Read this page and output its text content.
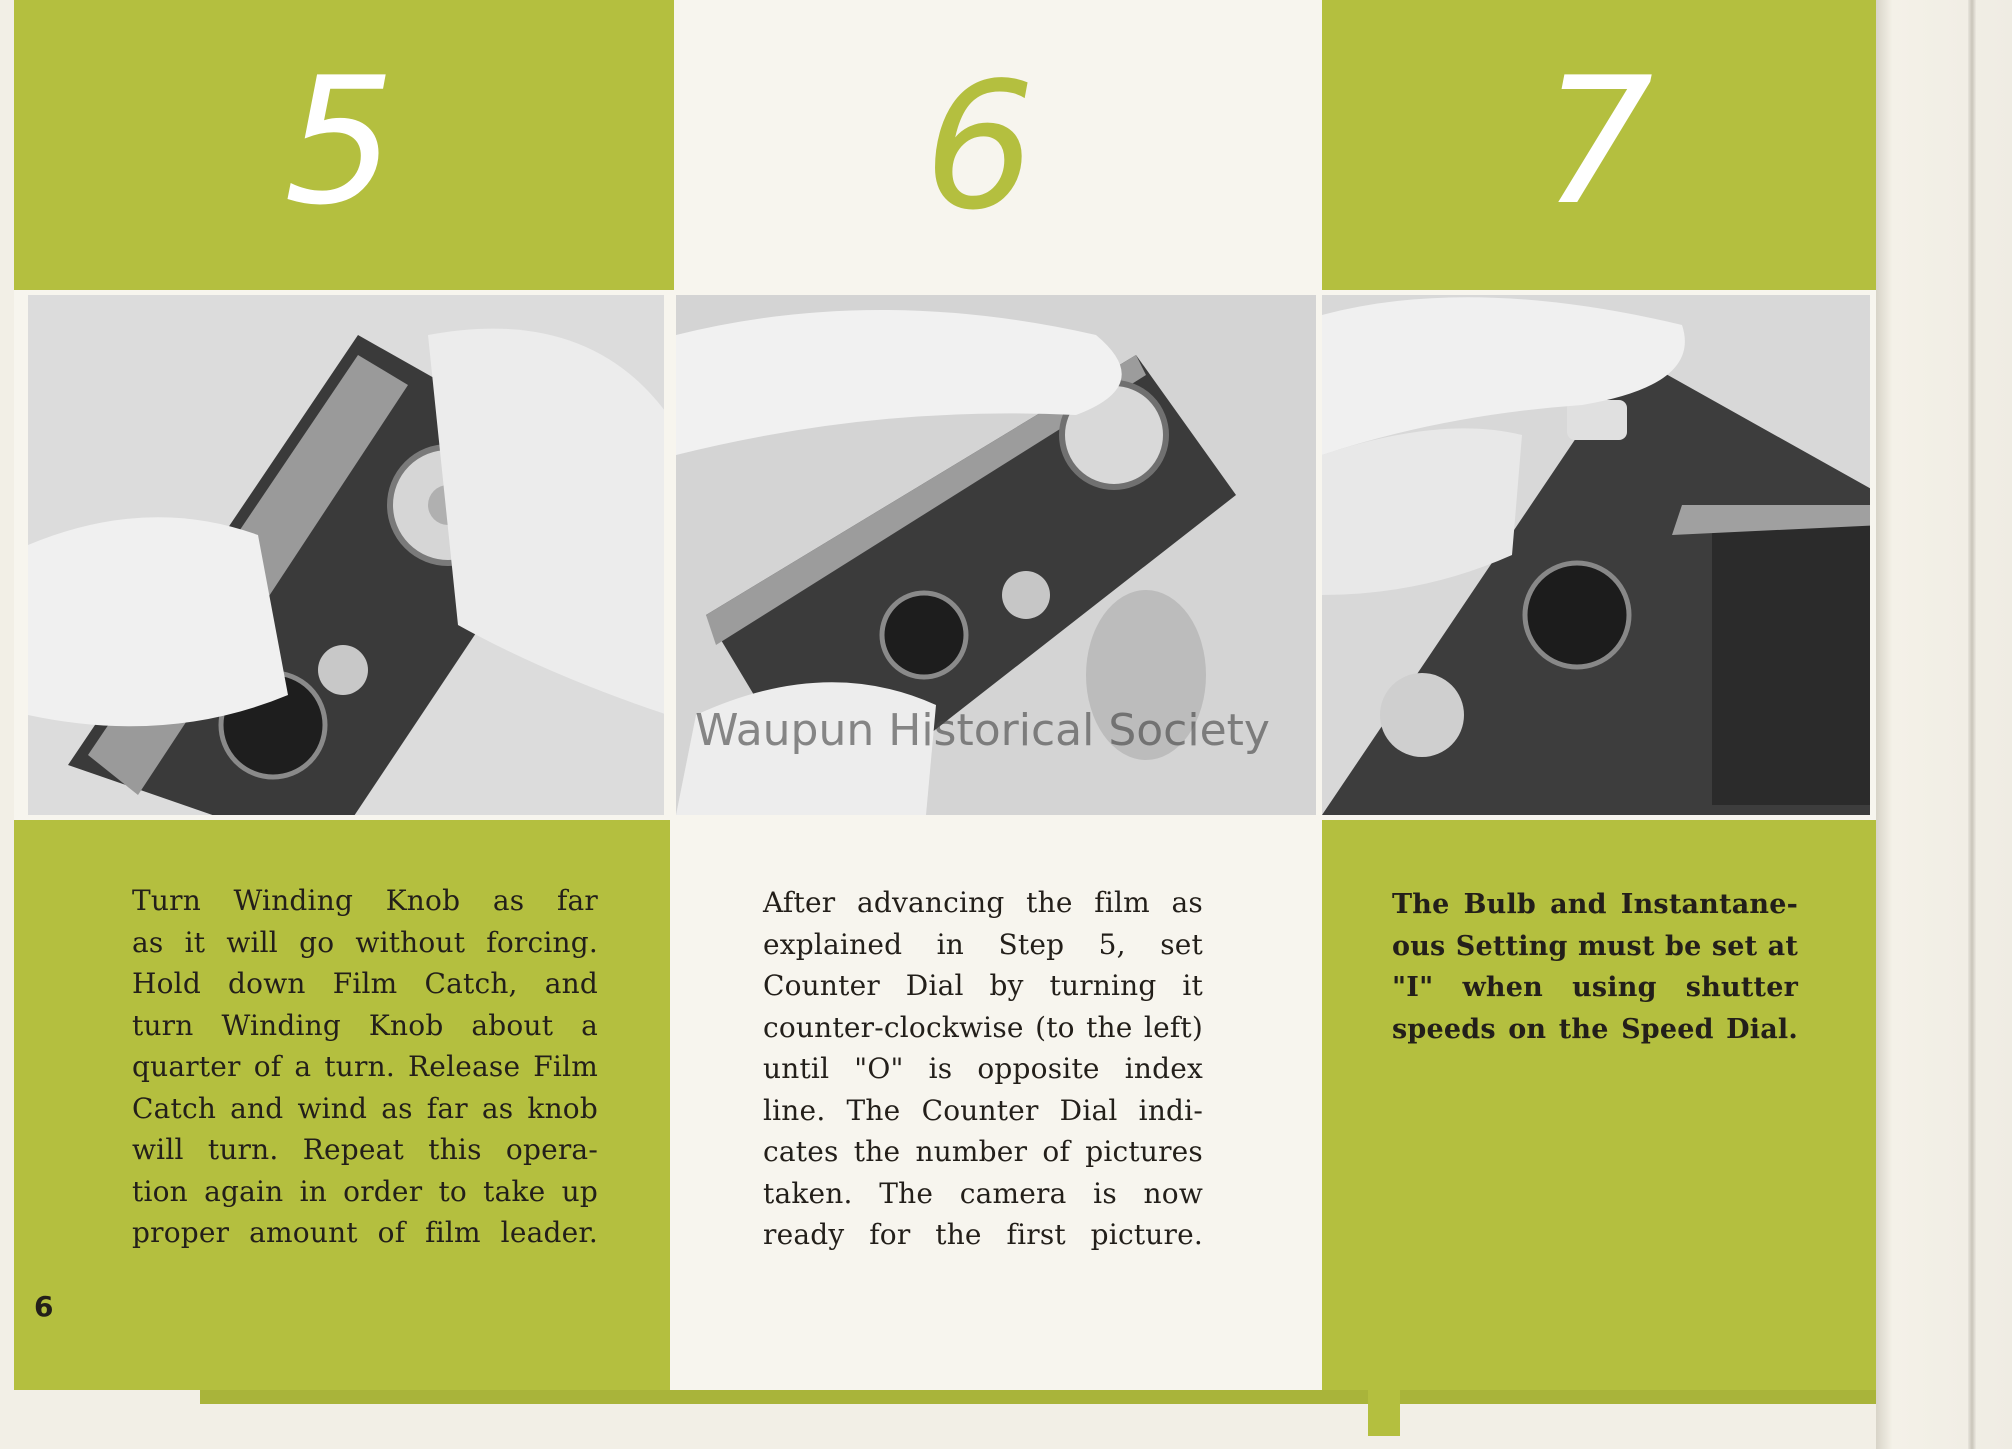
5	6	7
Turn Winding Knob as far
as it will go without forcing.
Hold down Film Catch, and
turn Winding Knob about a
quarter of a turn. Release Film
Catch and wind as far as knob
will turn. Repeat this opera-
tion again in order to take up
proper amount of film leader.
6
After advancing the film as
explained in Step 5, set
Counter Dial by turning it
counter-clockwise (to the left)
until "O" is opposite index
line. The Counter Dial indi-
cates the number of pictures
taken. The camera is now
ready for the first picture.
The Bulb and Instantane-
ous Setting must be set at
"I" when using shutter
speeds on the Speed Dial.
Waupun Historical Society
